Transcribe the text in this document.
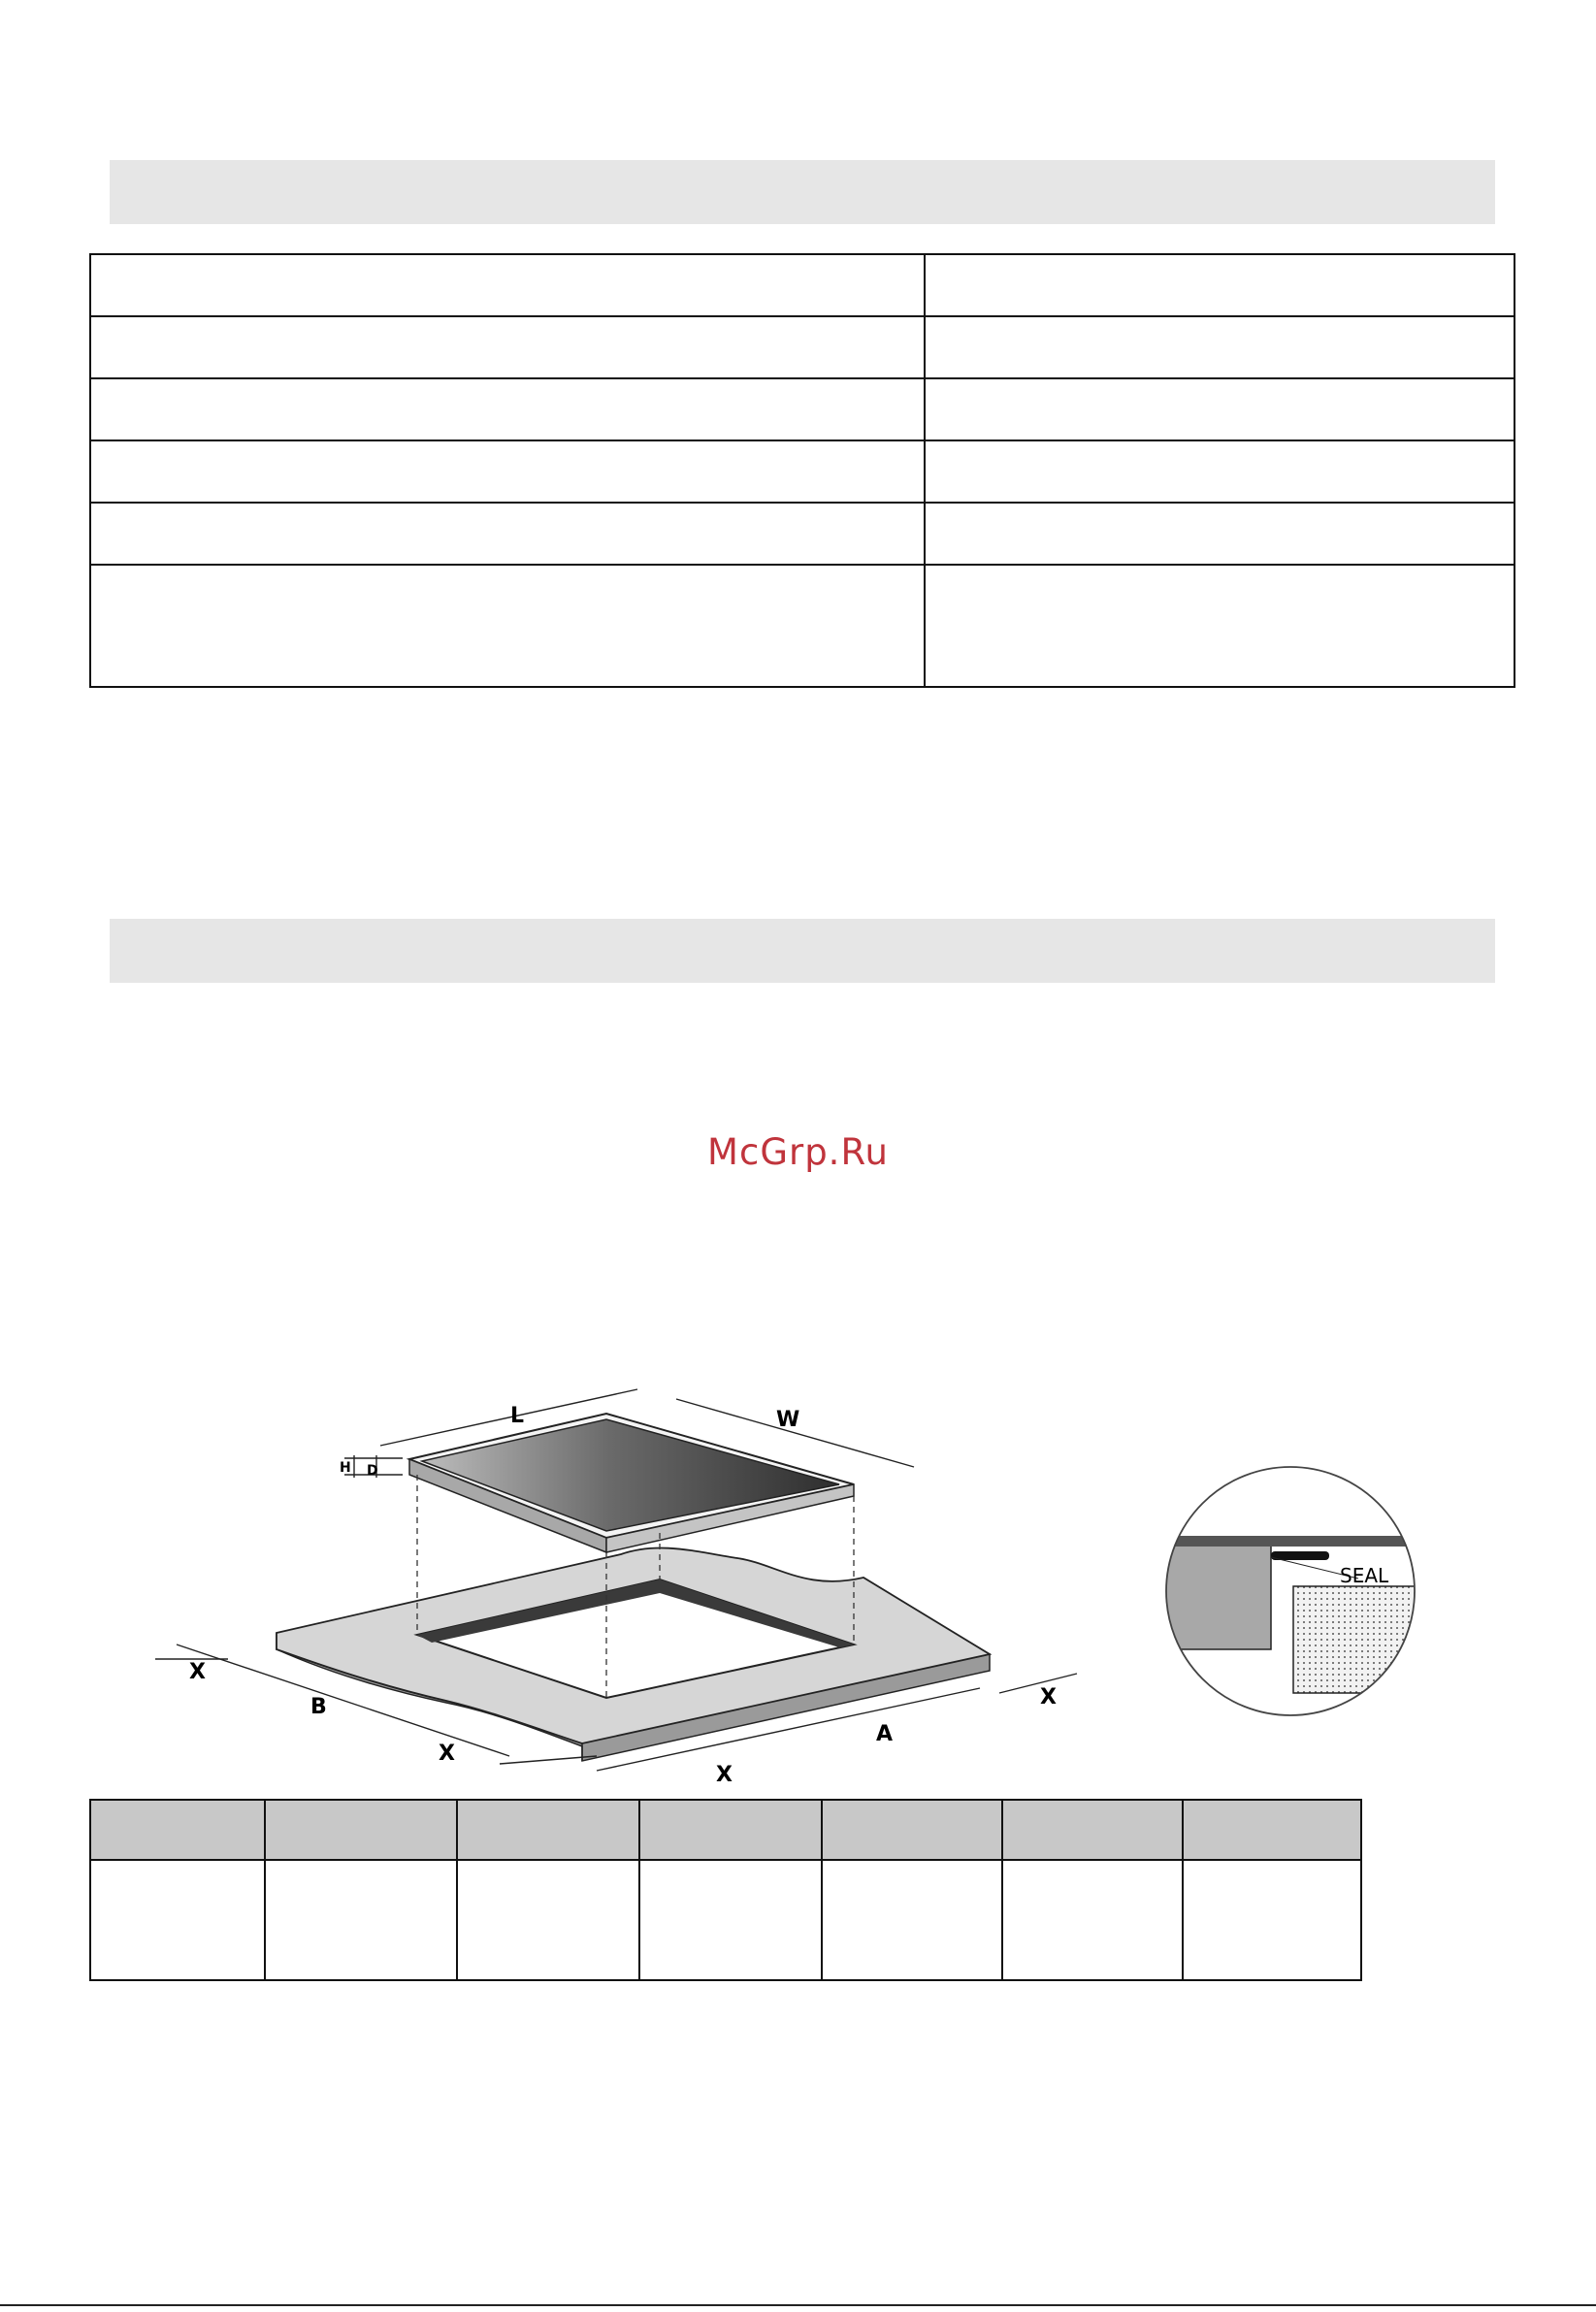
McGrp.Ru
L	W
H D
X
B
X
X
A
X
SEAL
